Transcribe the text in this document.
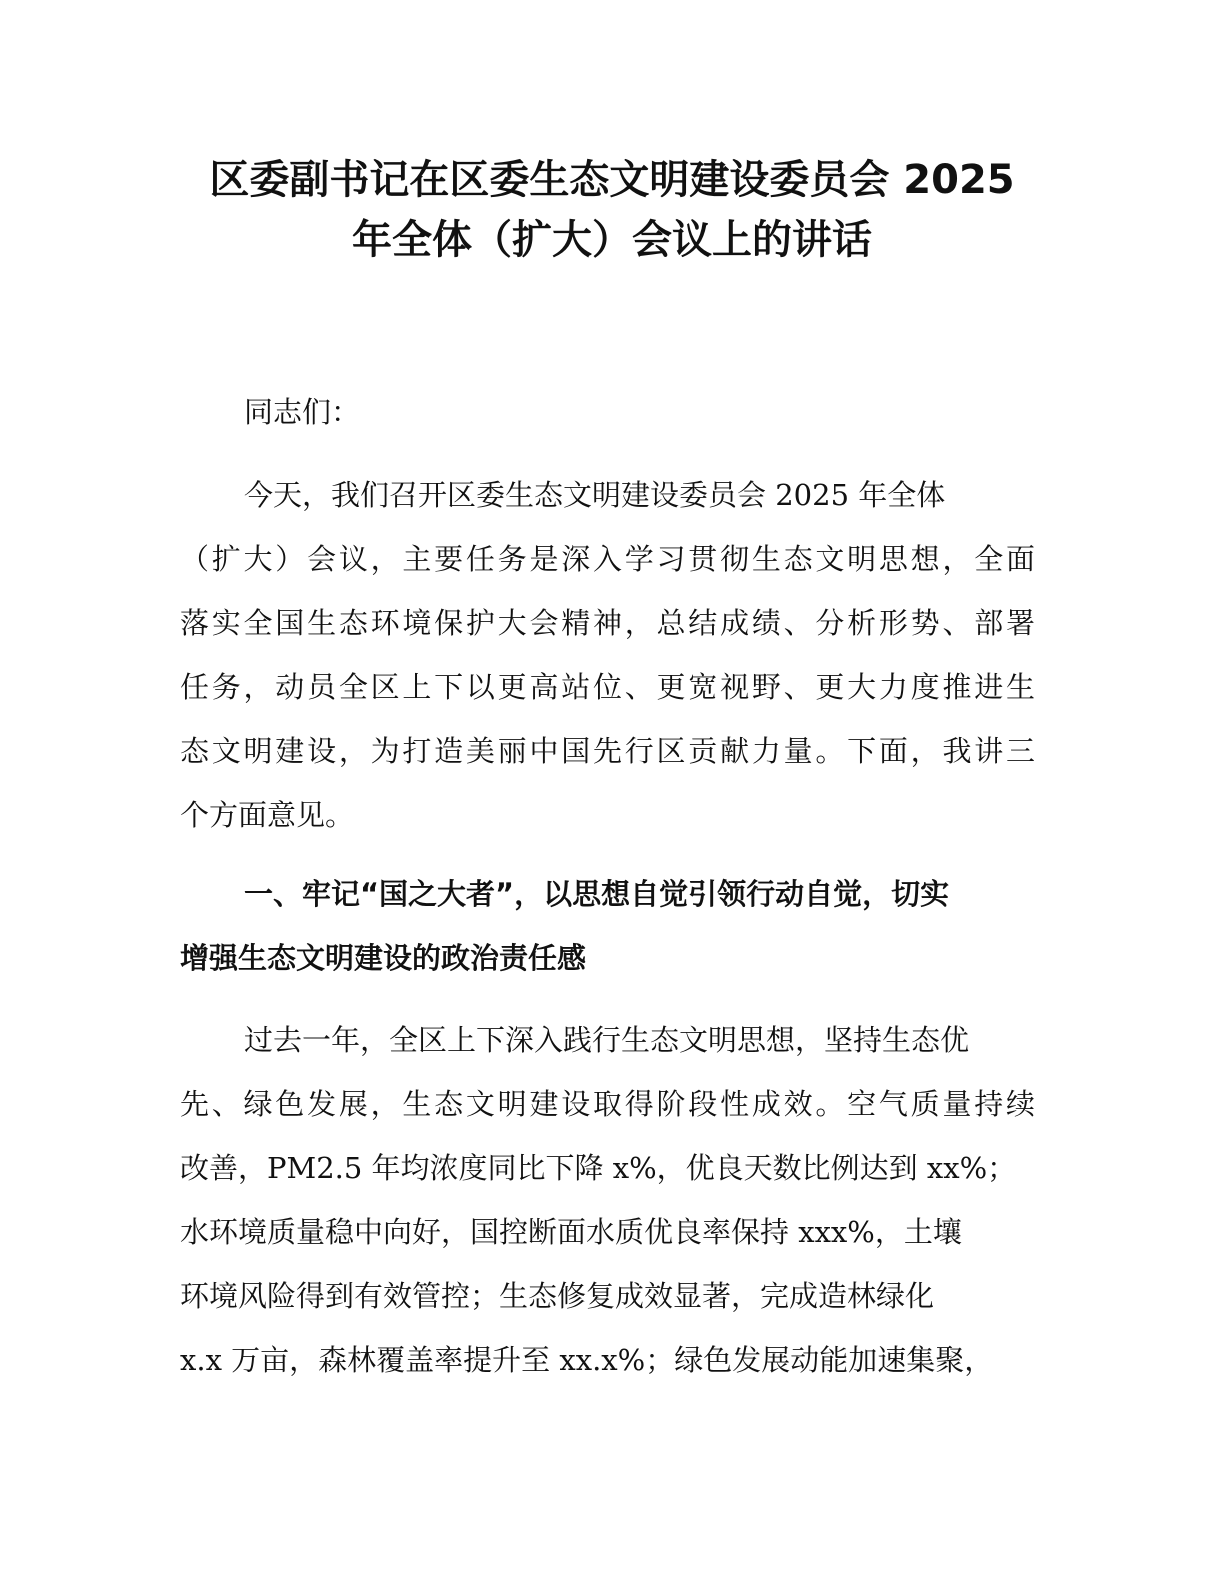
区委副书记在区委生态文明建设委员会 2025
年全体（扩大）会议上的讲话

同志们：

今天，我们召开区委生态文明建设委员会 2025 年全体
（扩大）会议，主要任务是深入学习贯彻生态文明思想，全面
落实全国生态环境保护大会精神，总结成绩、分析形势、部署
任务，动员全区上下以更高站位、更宽视野、更大力度推进生
态文明建设，为打造美丽中国先行区贡献力量。下面，我讲三
个方面意见。

一、牢记“国之大者”，以思想自觉引领行动自觉，切实
增强生态文明建设的政治责任感

过去一年，全区上下深入践行生态文明思想，坚持生态优
先、绿色发展，生态文明建设取得阶段性成效。空气质量持续
改善，PM2.5 年均浓度同比下降 x%，优良天数比例达到 xx%；
水环境质量稳中向好，国控断面水质优良率保持 xxx%，土壤
环境风险得到有效管控；生态修复成效显著，完成造林绿化
x.x 万亩，森林覆盖率提升至 xx.x%；绿色发展动能加速集聚，
